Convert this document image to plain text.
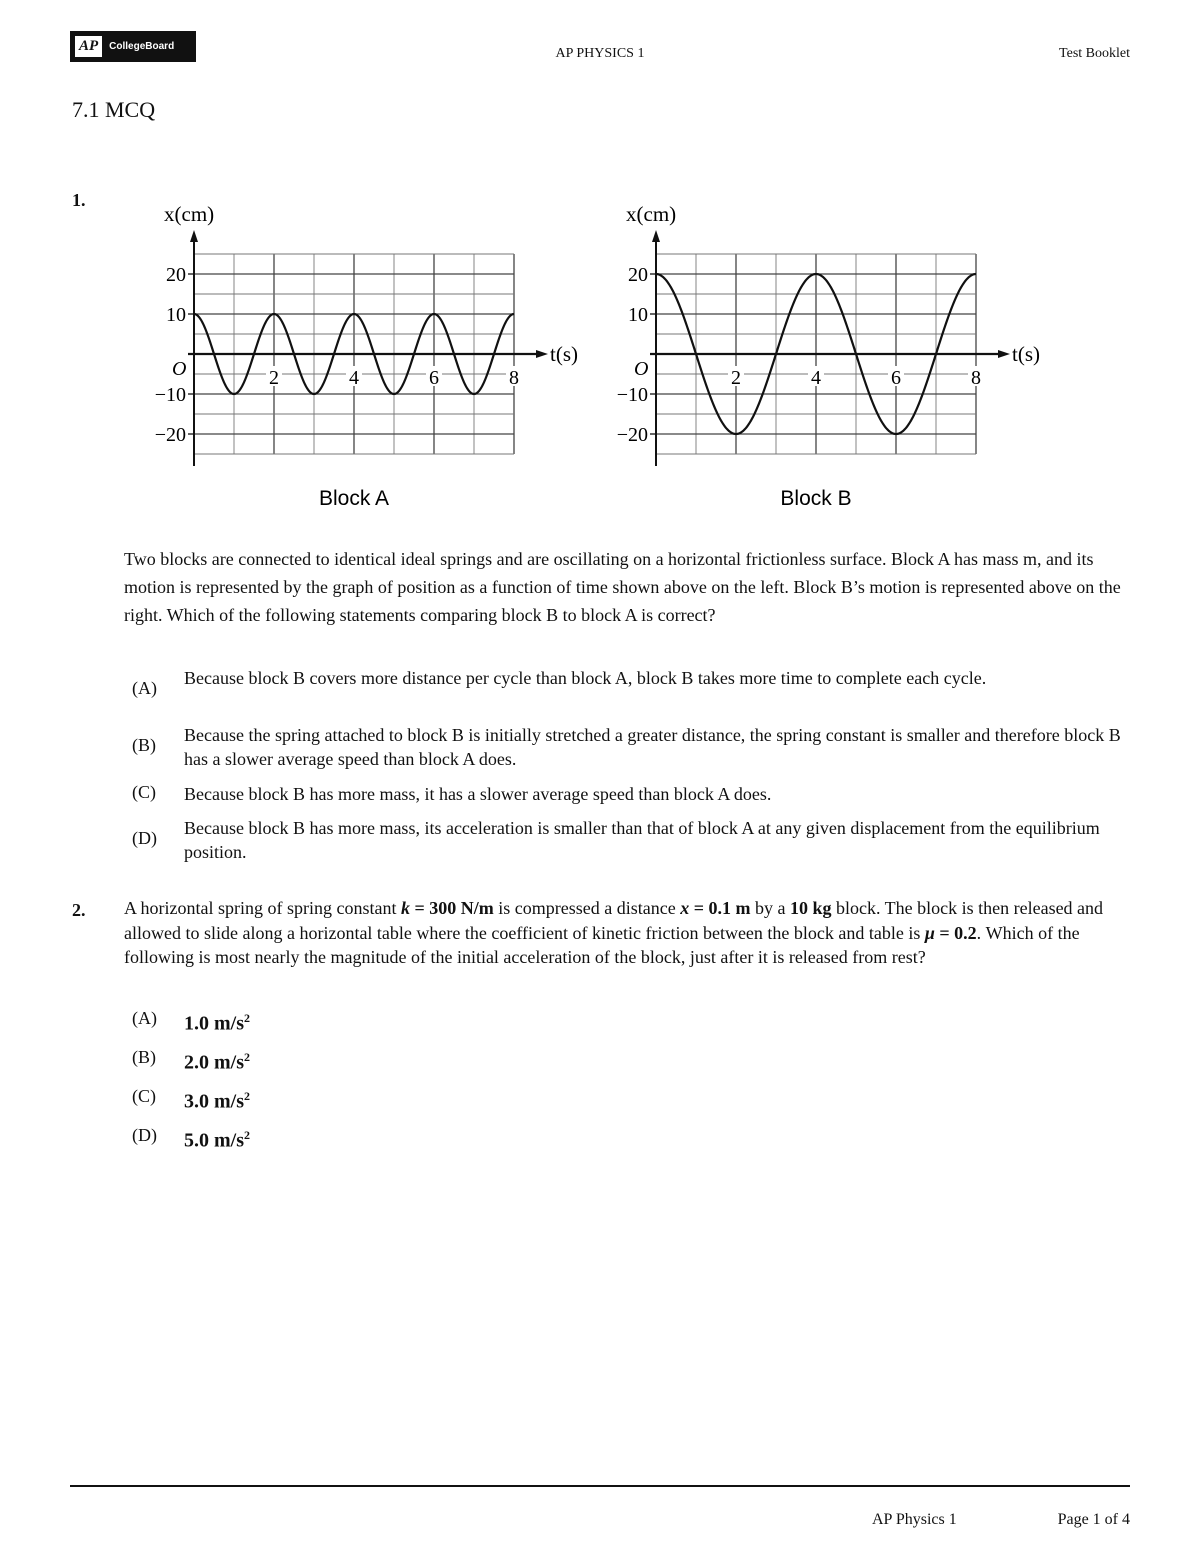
AP	CollegeBoard	AP PHYSICS 1	Test Booklet
7.1 MCQ
1.
20
10
−10
−20
2	4	6	8
O
x(cm)
t(s)
Block A
20
10
−10
−20
2	4	6	8
O
x(cm)
t(s)
Block B
Two blocks are connected to identical ideal springs and are oscillating on a horizontal frictionless surface. Block A has mass m, and its motion is represented by the graph of position as a function of time shown above on the left. Block B’s motion is represented above on the right. Which of the following statements comparing block B to block A is correct?
(A) Because block B covers more distance per cycle than block A, block B takes more time to complete each cycle.
(B) Because the spring attached to block B is initially stretched a greater distance, the spring constant is smaller and therefore block B has a slower average speed than block A does.
(C) Because block B has more mass, it has a slower average speed than block A does.
(D) Because block B has more mass, its acceleration is smaller than that of block A at any given displacement from the equilibrium position.
2. A horizontal spring of spring constant k = 300 N/m is compressed a distance x = 0.1 m by a 10 kg block. The block is then released and allowed to slide along a horizontal table where the coefficient of kinetic friction between the block and table is μ = 0.2. Which of the following is most nearly the magnitude of the initial acceleration of the block, just after it is released from rest?
(A) 1.0 $m/s^2$
(B) 2.0 $m/s^2$
(C) 3.0 $m/s^2$
(D) 5.0 $m/s^2$
AP Physics 1	Page 1 of 4
